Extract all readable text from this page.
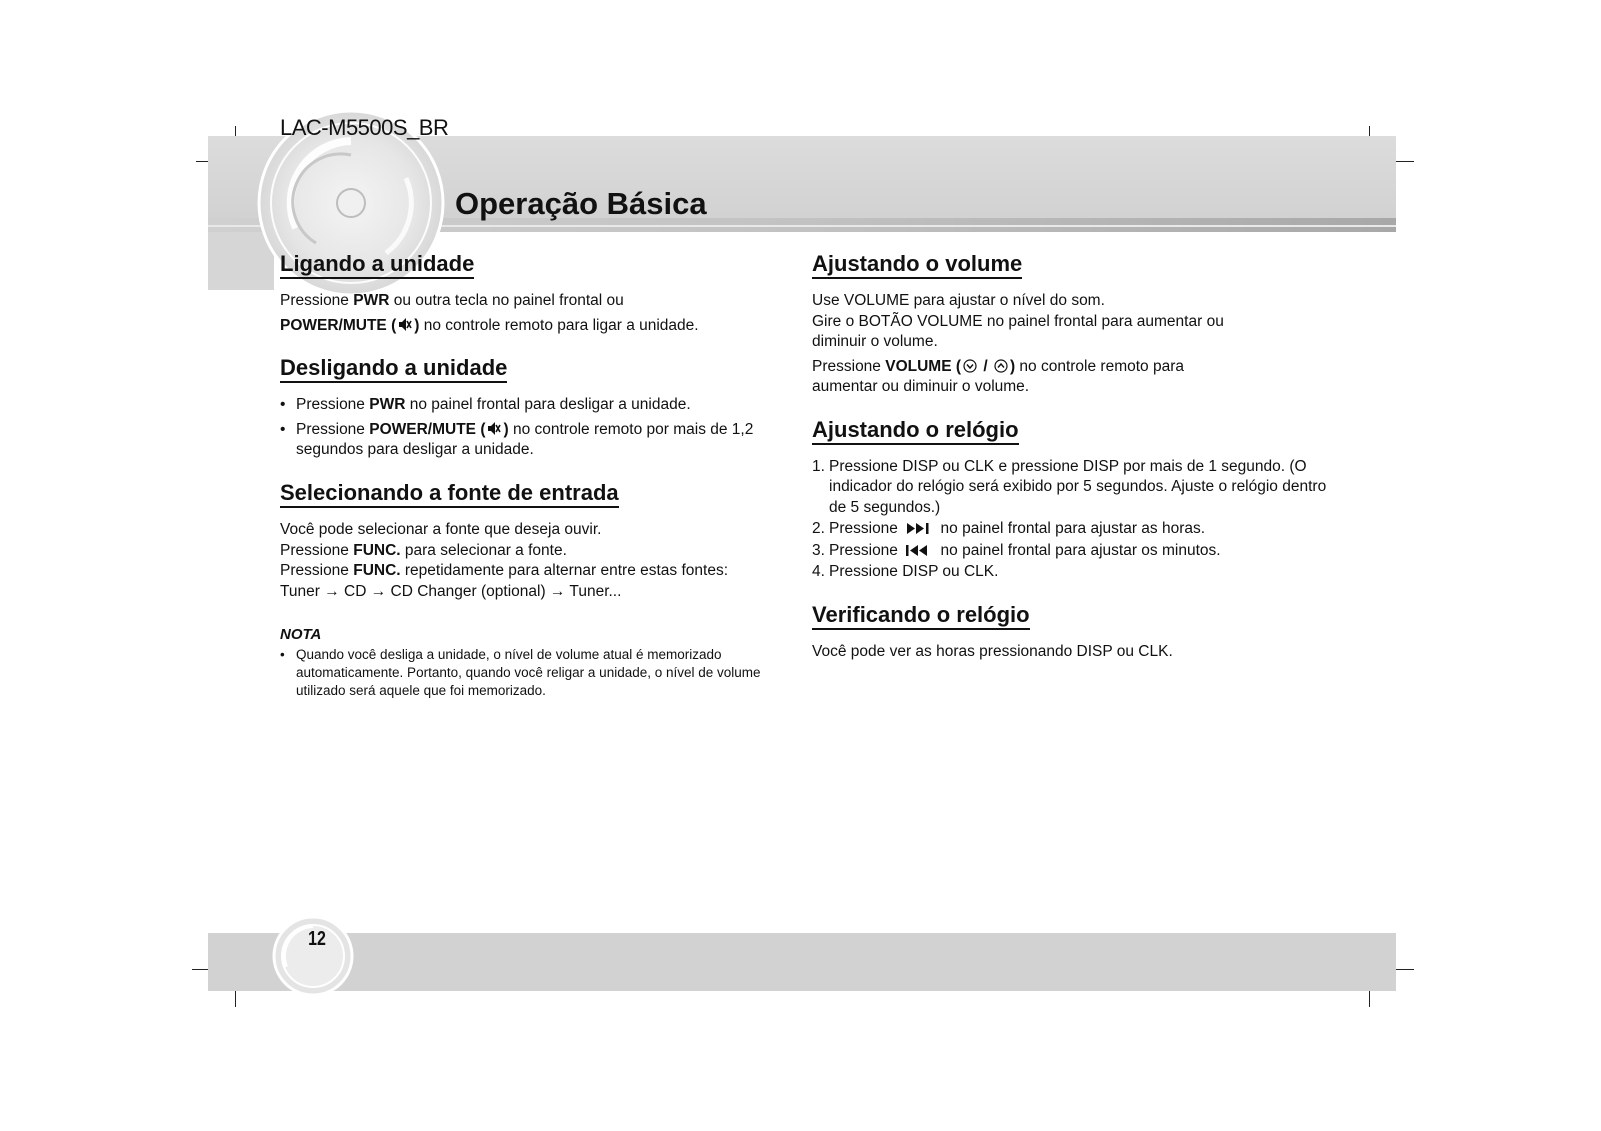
LAC-M5500S_BR
Operação Básica
Ligando a unidade

Pressione PWR ou outra tecla no painel frontal ou

POWER/MUTE ( ) no controle remoto para ligar a unidade.

Desligando a unidade
• Pressione PWR no painel frontal para desligar a unidade.
• Pressione POWER/MUTE ( ) no controle remoto por mais de 1,2 segundos para desligar a unidade.
Selecionando a fonte de entrada

Você pode selecionar a fonte que deseja ouvir.

Pressione FUNC. para selecionar a fonte.

Pressione FUNC. repetidamente para alternar entre estas fontes:

Tuner → CD → CD Changer (optional) → Tuner...

NOTA
• Quando você desliga a unidade, o nível de volume atual é memorizado automaticamente. Portanto, quando você religar a unidade, o nível de volume utilizado será aquele que foi memorizado.
Ajustando o volume

Use VOLUME para ajustar o nível do som.

Gire o BOTÃO VOLUME no painel frontal para aumentar ou diminuir o volume.

Pressione VOLUME ( / ) no controle remoto para aumentar ou diminuir o volume.

Ajustando o relógio
1. Pressione DISP ou CLK e pressione DISP por mais de 1 segundo. (O indicador do relógio será exibido por 5 segundos. Ajuste o relógio dentro de 5 segundos.)
2. Pressione  no painel frontal para ajustar as horas.
3. Pressione  no painel frontal para ajustar os minutos.
4. Pressione DISP ou CLK.
Verificando o relógio

Você pode ver as horas pressionando DISP ou CLK.

12
